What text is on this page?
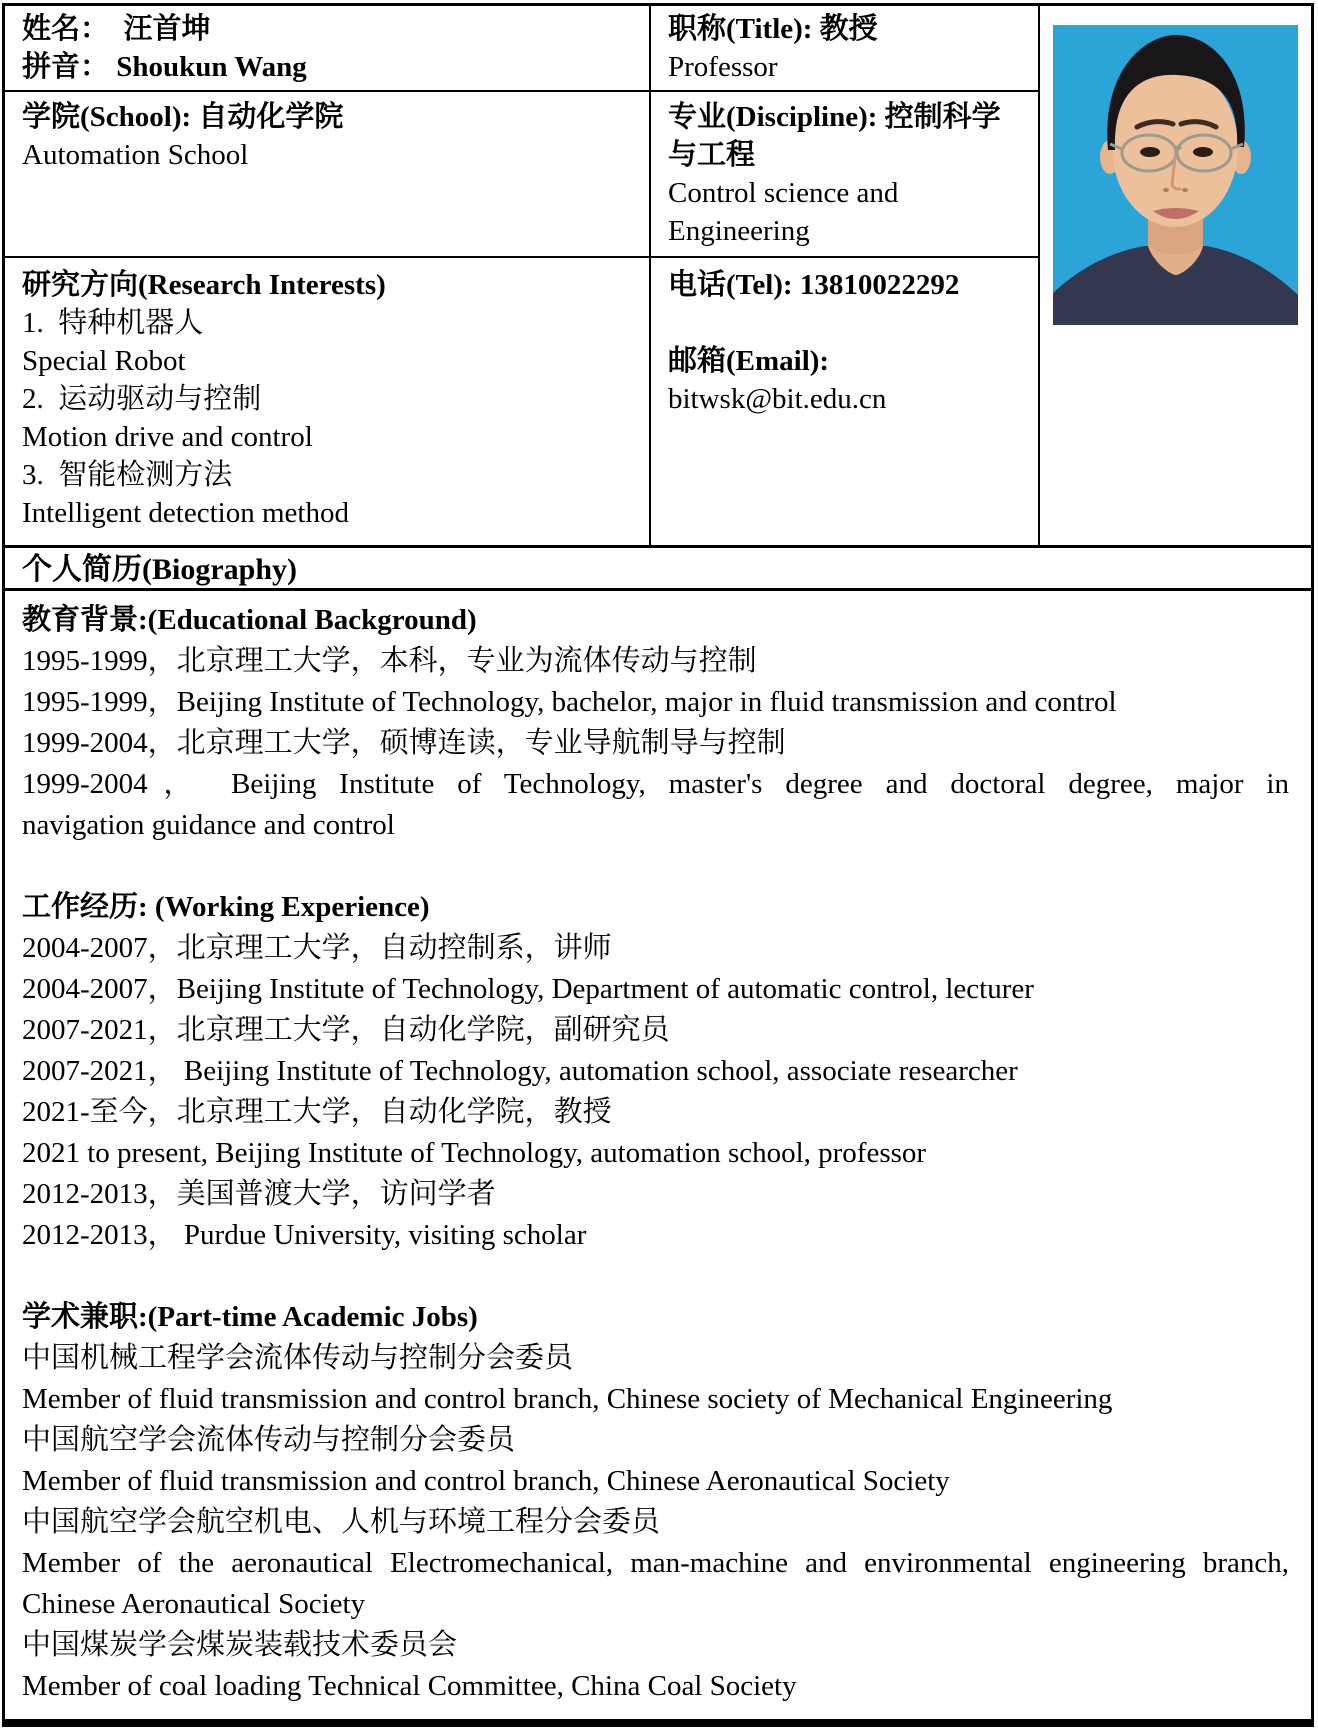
姓名：  汪首坤
拼音： Shoukun Wang
职称(Title): 教授
Professor
学院(School): 自动化学院
Automation School
专业(Discipline): 控制科学与工程
Control science and Engineering
研究方向(Research Interests)
1.  特种机器人
Special Robot
2.  运动驱动与控制
Motion drive and control
3.  智能检测方法
Intelligent detection method
电话(Tel): 13810022292
邮箱(Email):
bitwsk@bit.edu.cn
个人简历(Biography)
教育背景:(Educational Background)
1995-1999，北京理工大学，本科，专业为流体传动与控制
1995-1999，Beijing Institute of Technology, bachelor, major in fluid transmission and control
1999-2004，北京理工大学，硕博连读，专业导航制导与控制
1999-2004， Beijing Institute of Technology, master's degree and doctoral degree, major in
navigation guidance and control

工作经历: (Working Experience)
2004-2007，北京理工大学，自动控制系，讲师
2004-2007，Beijing Institute of Technology, Department of automatic control, lecturer
2007-2021，北京理工大学，自动化学院，副研究员
2007-2021， Beijing Institute of Technology, automation school, associate researcher
2021-至今，北京理工大学，自动化学院，教授
2021 to present, Beijing Institute of Technology, automation school, professor
2012-2013，美国普渡大学，访问学者
2012-2013， Purdue University, visiting scholar

学术兼职:(Part-time Academic Jobs)
中国机械工程学会流体传动与控制分会委员
Member of fluid transmission and control branch, Chinese society of Mechanical Engineering
中国航空学会流体传动与控制分会委员
Member of fluid transmission and control branch, Chinese Aeronautical Society
中国航空学会航空机电、人机与环境工程分会委员
Member of the aeronautical Electromechanical, man-machine and environmental engineering branch,
Chinese Aeronautical Society
中国煤炭学会煤炭装载技术委员会
Member of coal loading Technical Committee, China Coal Society
